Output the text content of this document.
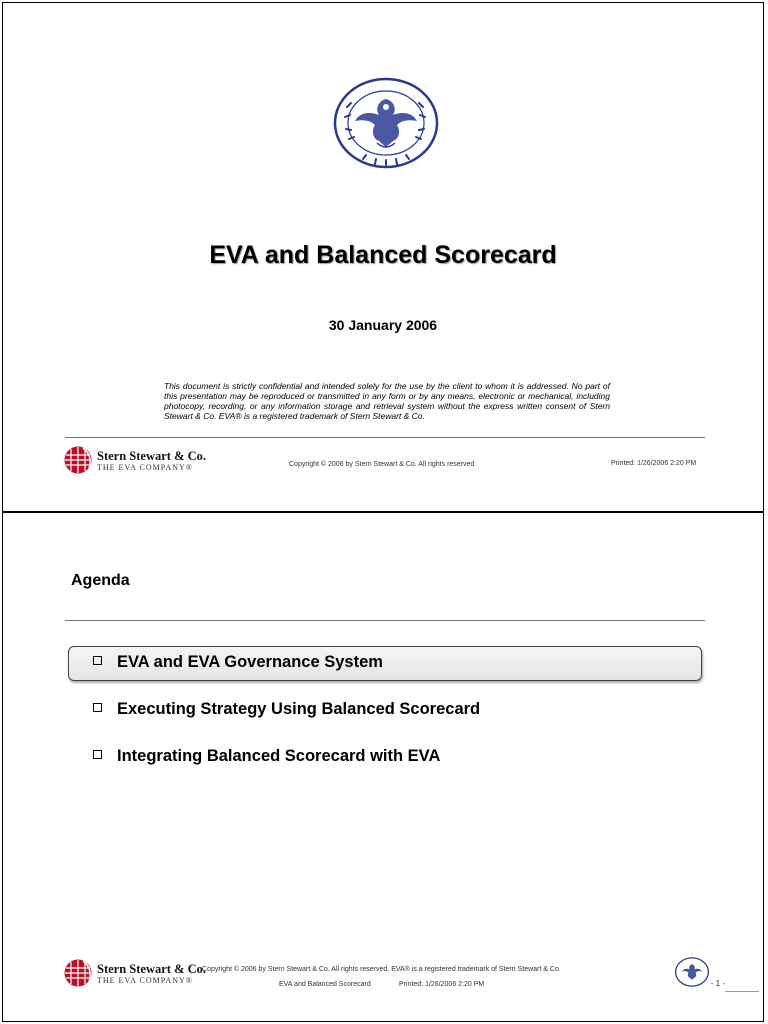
EVA and Balanced Scorecard
30 January 2006
This document is strictly confidential and intended solely for the use by the client to whom it is addressed. No part of this presentation may be reproduced or transmitted in any form or by any means, electronic or mechanical, including photocopy, recording, or any information storage and retrieval system without the express written consent of Stern Stewart & Co. EVA® is a registered trademark of Stern Stewart & Co.
Stern Stewart & Co.
THE EVA COMPANY®	Copyright © 2006 by Stern Stewart & Co. All rights reserved	Printed: 1/26/2006 2:20 PM
Agenda
EVA and EVA Governance System
Executing Strategy Using Balanced Scorecard
Integrating Balanced Scorecard with EVA
Stern Stewart & Co.
THE EVA COMPANY®
Copyright © 2006 by Stern Stewart & Co. All rights reserved. EVA® is a registered trademark of Stern Stewart & Co.
EVA and Balanced Scorecard	Printed: 1/26/2006 2:20 PM	- 1 -
